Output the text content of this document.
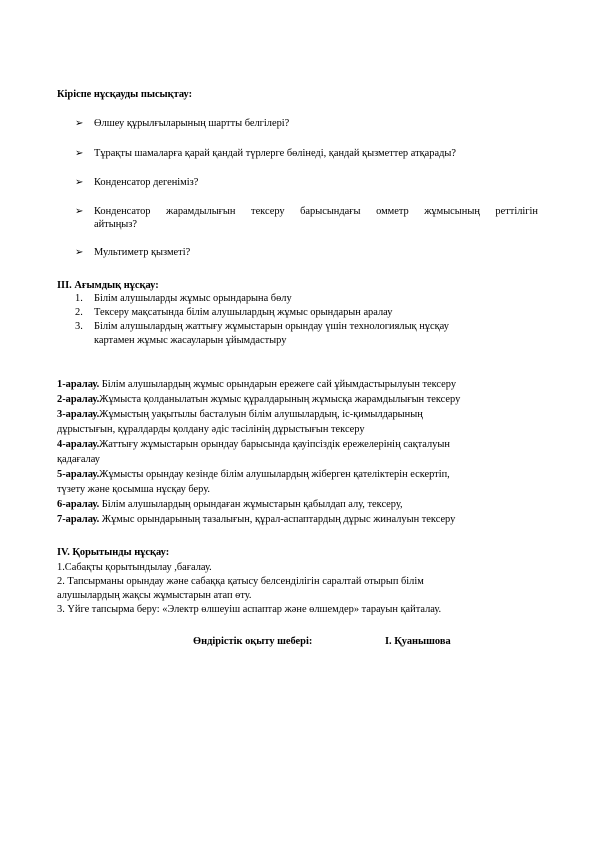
Кіріспе нұсқауды пысықтау:
➢ Өлшеу құрылғыларының шартты белгілері?
➢ Тұрақты шамаларға қарай қандай түрлерге бөлінеді, қандай қызметтер атқарады?
➢ Конденсатор дегеніміз?
➢ Конденсатор жарамдылығын тексеру барысындағы омметр жұмысының реттілігін
айтыңыз?
➢ Мультиметр қызметі?
ІІІ. Ағымдық нұсқау:
1. Білім алушыларды жұмыс орындарына бөлу
2. Тексеру мақсатында білім алушылардың жұмыс орындарын аралау
3. Білім алушылардың жаттығу жұмыстарын орындау үшін технологиялық нұсқау
картамен жұмыс жасауларын ұйымдастыру
1-аралау. Білім алушылардың жұмыс орындарын ережеге сай ұйымдастырылуын тексеру
2-аралау.Жұмыста қолданылатын жұмыс құралдарының жұмысқа жарамдылығын тексеру
3-аралау.Жұмыстың уақытылы басталуын білім алушылардың, іс-қимылдарының
дұрыстығын, құралдарды қолдану әдіс тәсілінің дұрыстығын тексеру
4-аралау.Жаттығу жұмыстарын орындау барысында қауіпсіздік ережелерінің сақталуын
қадағалау
5-аралау.Жұмысты орындау кезінде білім алушылардың жіберген қателіктерін ескертіп,
түзету және қосымша нұсқау беру.
6-аралау. Білім алушылардың орындаған жұмыстарын қабылдап алу, тексеру,
7-аралау. Жұмыс орындарының тазалығын, құрал-аспаптардың дұрыс жиналуын тексеру
ІV. Қорытынды нұсқау:
1.Сабақты қорытындылау ,бағалау.
2. Тапсырманы орындау және сабаққа қатысу белсенділігін саралтай отырып білім
алушылардың жақсы жұмыстарын атап өту.
3. Үйге тапсырма беру: «Электр өлшеуіш аспаптар және өлшемдер» тарауын қайталау.
Өндірістік оқыту шебері:	І. Қуанышова
